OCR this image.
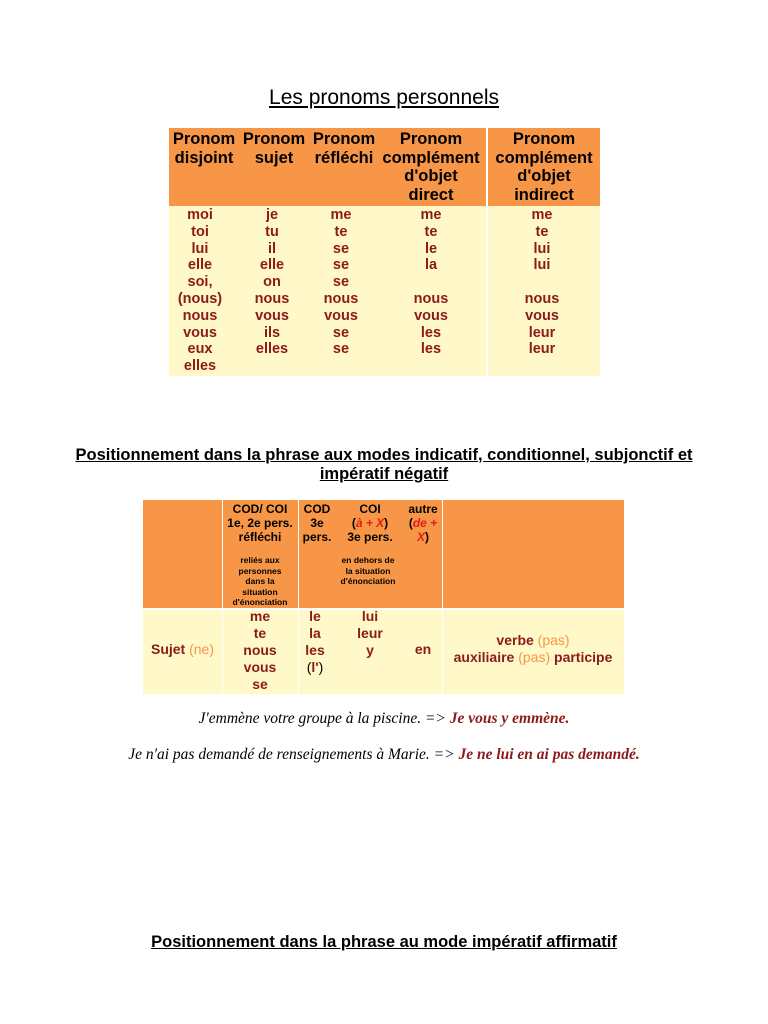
Les pronoms personnels
Pronom
disjoint
Pronom
sujet
Pronom
réfléchi
Pronom
complément
d'objet
direct
Pronom
complément
d'objet
indirect
moi
toi
lui
elle
soi,
(nous)
nous
vous
eux
elles
je
tu
il
elle
on
nous
vous
ils
elles
me
te
se
se
se
nous
vous
se
se
me
te
le
la
nous
vous
les
les
me
te
lui
lui
nous
vous
leur
leur
Positionnement dans la phrase aux modes indicatif, conditionnel, subjonctif et impératif négatif
COD/ COI
1e, 2e pers.
réfléchi
reliés aux
personnes
dans la
situation
d'énonciation
COD
3e
pers.
COI
(à + X)
3e pers.
en dehors de
la situation
d'énonciation
autre
(de +
X)
Sujet (ne)
me
te
nous
vous
se
le
la
les
(l')
lui
leur
y	en
verbe (pas)
auxiliaire (pas) participe
J'emmène votre groupe à la piscine. => Je vous y emmène.
Je n'ai pas demandé de renseignements à Marie. => Je ne lui en ai pas demandé.
Positionnement dans la phrase au mode impératif affirmatif
